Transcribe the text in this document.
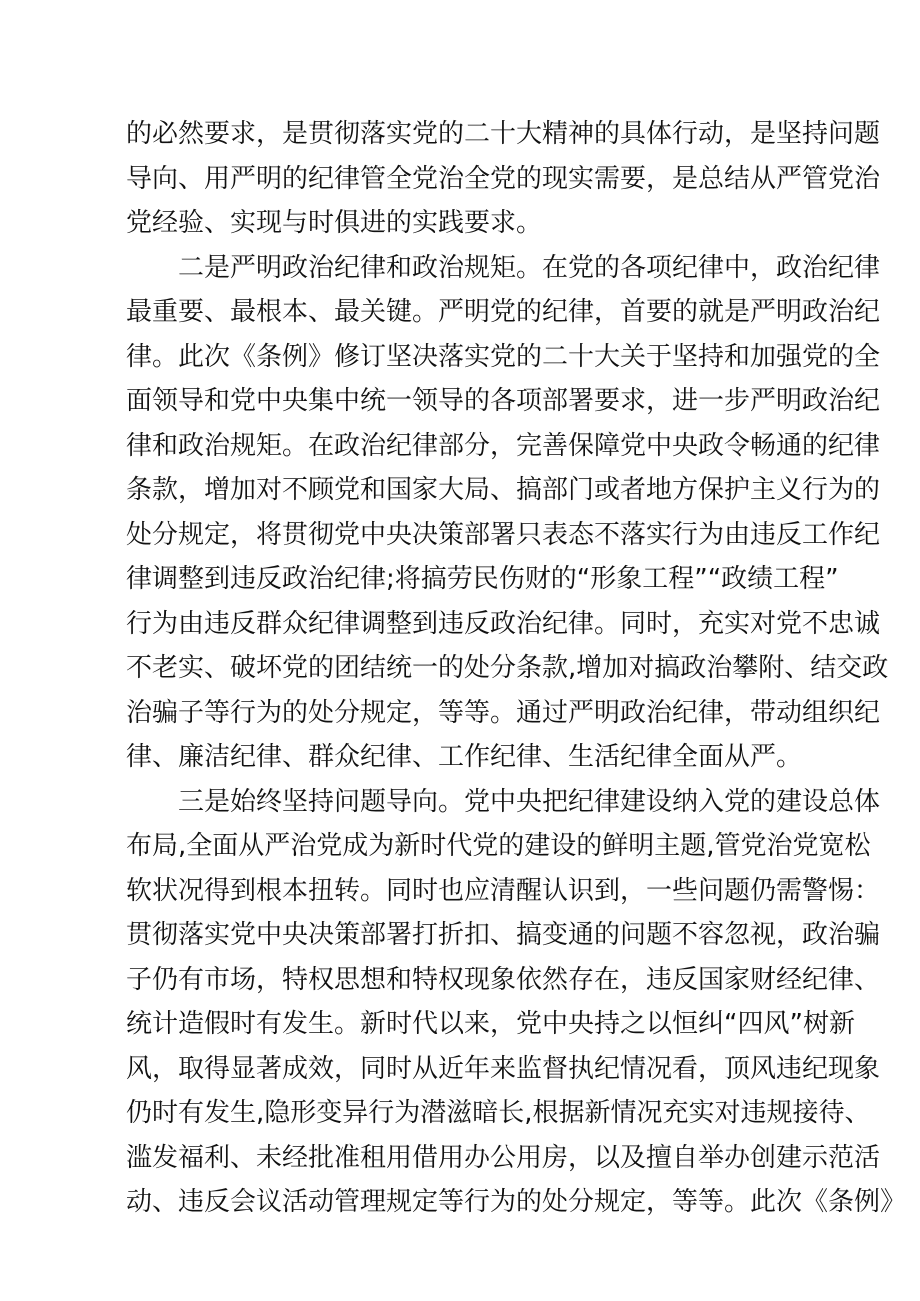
的必然要求，是贯彻落实党的二十大精神的具体行动，是坚持问题
导向、用严明的纪律管全党治全党的现实需要，是总结从严管党治
党经验、实现与时俱进的实践要求。
二是严明政治纪律和政治规矩。在党的各项纪律中，政治纪律
最重要、最根本、最关键。严明党的纪律，首要的就是严明政治纪
律。此次《条例》修订坚决落实党的二十大关于坚持和加强党的全
面领导和党中央集中统一领导的各项部署要求，进一步严明政治纪
律和政治规矩。在政治纪律部分，完善保障党中央政令畅通的纪律
条款，增加对不顾党和国家大局、搞部门或者地方保护主义行为的
处分规定，将贯彻党中央决策部署只表态不落实行为由违反工作纪
律调整到违反政治纪律;将搞劳民伤财的“形象工程”“政绩工程”
行为由违反群众纪律调整到违反政治纪律。同时，充实对党不忠诚
不老实、破坏党的团结统一的处分条款,增加对搞政治攀附、结交政
治骗子等行为的处分规定，等等。通过严明政治纪律，带动组织纪
律、廉洁纪律、群众纪律、工作纪律、生活纪律全面从严。
三是始终坚持问题导向。党中央把纪律建设纳入党的建设总体
布局,全面从严治党成为新时代党的建设的鲜明主题,管党治党宽松
软状况得到根本扭转。同时也应清醒认识到，一些问题仍需警惕：
贯彻落实党中央决策部署打折扣、搞变通的问题不容忽视，政治骗
子仍有市场，特权思想和特权现象依然存在，违反国家财经纪律、
统计造假时有发生。新时代以来，党中央持之以恒纠“四风”树新
风，取得显著成效，同时从近年来监督执纪情况看，顶风违纪现象
仍时有发生,隐形变异行为潜滋暗长,根据新情况充实对违规接待、
滥发福利、未经批准租用借用办公用房，以及擅自举办创建示范活
动、违反会议活动管理规定等行为的处分规定，等等。此次《条例》
